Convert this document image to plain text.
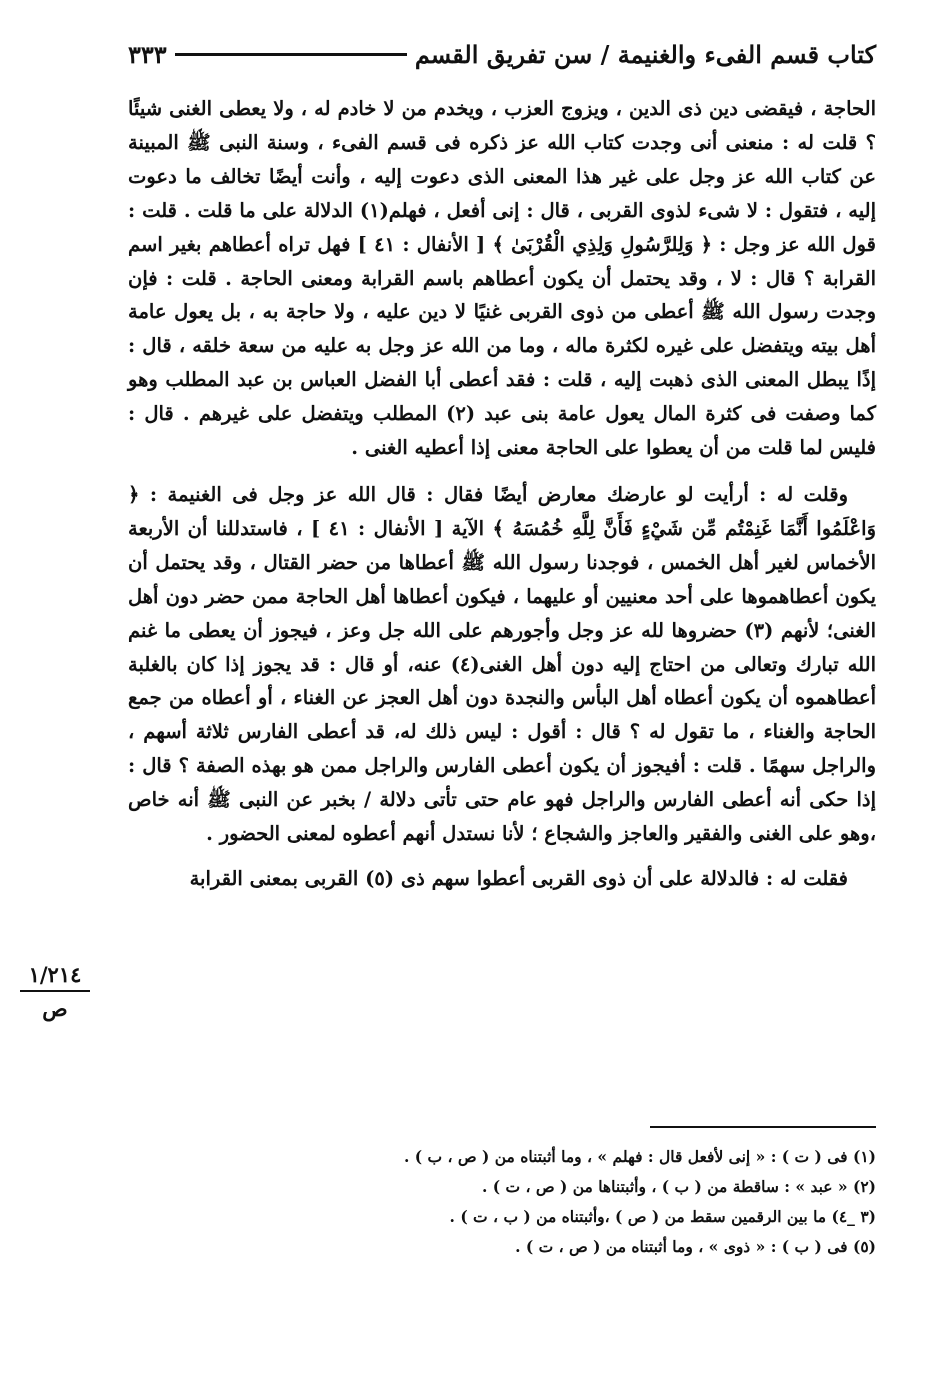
كتاب قسم الفىء والغنيمة / سن تفريق القسم
٣٣٣

الحاجة ، فيقضى دين ذى الدين ، ويزوج العزب ، ويخدم من لا خادم له ، ولا يعطى الغنى شيئًا ؟ قلت له : منعنى أنى وجدت كتاب الله عز ذكره فى قسم الفىء ، وسنة النبى ﷺ المبينة عن كتاب الله عز وجل على غير هذا المعنى الذى دعوت إليه ، وأنت أيضًا تخالف ما دعوت إليه ، فتقول : لا شىء لذوى القربى ، قال : إنى أفعل ، فهلم(١) الدلالة على ما قلت . قلت : قول الله عز وجل : ﴿ وَلِلرَّسُولِ وَلِذِي الْقُرْبَىٰ ﴾ [ الأنفال : ٤١ ] فهل تراه أعطاهم بغير اسم القرابة ؟ قال : لا ، وقد يحتمل أن يكون أعطاهم باسم القرابة ومعنى الحاجة . قلت : فإن وجدت رسول الله ﷺ أعطى من ذوى القربى غنيًا لا دين عليه ، ولا حاجة به ، بل يعول عامة أهل بيته ويتفضل على غيره لكثرة ماله ، وما من الله عز وجل به عليه من سعة خلقه ، قال : إذًا يبطل المعنى الذى ذهبت إليه ، قلت : فقد أعطى أبا الفضل العباس بن عبد المطلب وهو كما وصفت فى كثرة المال يعول عامة بنى عبد (٢) المطلب ويتفضل على غيرهم . قال : فليس لما قلت من أن يعطوا على الحاجة معنى إذا أعطيه الغنى .

وقلت له : أرأيت لو عارضك معارض أيضًا فقال : قال الله عز وجل فى الغنيمة : ﴿ وَاعْلَمُوا أَنَّمَا غَنِمْتُم مِّن شَيْءٍ فَأَنَّ لِلَّهِ خُمُسَهُ ﴾ الآية [ الأنفال : ٤١ ] ، فاستدللنا أن الأربعة الأخماس لغير أهل الخمس ، فوجدنا رسول الله ﷺ أعطاها من حضر القتال ، وقد يحتمل أن يكون أعطاهموها على أحد معنيين أو عليهما ، فيكون أعطاها أهل الحاجة ممن حضر دون أهل الغنى؛ لأنهم (٣) حضروها لله عز وجل وأجورهم على الله جل وعز ، فيجوز أن يعطى ما غنم الله تبارك وتعالى من احتاج إليه دون أهل الغنى(٤) عنه، أو قال : قد يجوز إذا كان بالغلبة أعطاهموه أن يكون أعطاه أهل البأس والنجدة دون أهل العجز عن الغناء ، أو أعطاه من جمع الحاجة والغناء ، ما تقول له ؟ قال : أقول : ليس ذلك له، قد أعطى الفارس ثلاثة أسهم ، والراجل سهمًا . قلت : أفيجوز أن يكون أعطى الفارس والراجل ممن هو بهذه الصفة ؟ قال : إذا حكى أنه أعطى الفارس والراجل فهو عام حتى تأتى دلالة / بخبر عن النبى ﷺ أنه خاص ،وهو على الغنى والفقير والعاجز والشجاع ؛ لأنا نستدل أنهم أعطوه لمعنى الحضور .

فقلت له : فالدلالة على أن ذوى القربى أعطوا سهم ذى (٥) القربى بمعنى القرابة

١/٢١٤
ص
(١) فى ( ت ) : « إنى لأفعل قال : فهلم » ، وما أثبتناه من ( ص ، ب ) .
(٢) « عبد » : ساقطة من ( ب ) ، وأثبتناها من ( ص ، ت ) .
(٣ _٤) ما بين الرقمين سقط من ( ص ) ،وأثبتناه من ( ب ، ت ) .
(٥) فى ( ب ) : « ذوى » ، وما أثبتناه من ( ص ، ت ) .
